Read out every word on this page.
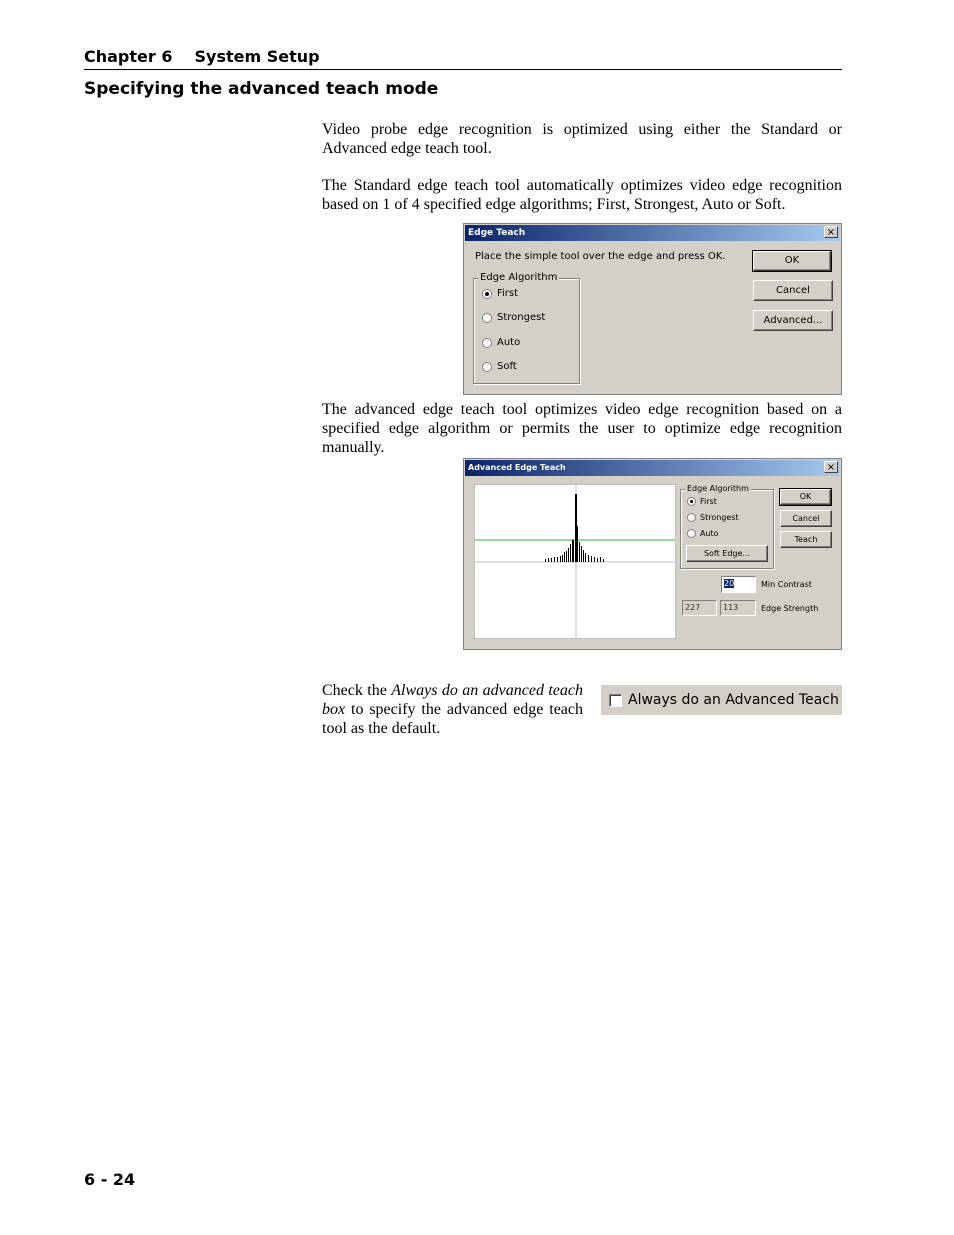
Chapter 6 System Setup
Specifying the advanced teach mode
Video probe edge recognition is optimized using either the Standard or Advanced edge teach tool.
The Standard edge teach tool automatically optimizes video edge recognition based on 1 of 4 specified edge algorithms; First, Strongest, Auto or Soft.
Edge Teach	×
Place the simple tool over the edge and press OK.
Edge Algorithm
First
Strongest
Auto
Soft
OK
Cancel
Advanced...
The advanced edge teach tool optimizes video edge recognition based on a specified edge algorithm or permits the user to optimize edge recognition manually.
Advanced Edge Teach	×
Edge Algorithm
First
Strongest
Auto
Soft Edge...
OK
Cancel
Teach
20	Min Contrast
227	113	Edge Strength
Check the Always do an advanced teach box to specify the advanced edge teach tool as the default.
Always do an Advanced Teach
6 - 24
